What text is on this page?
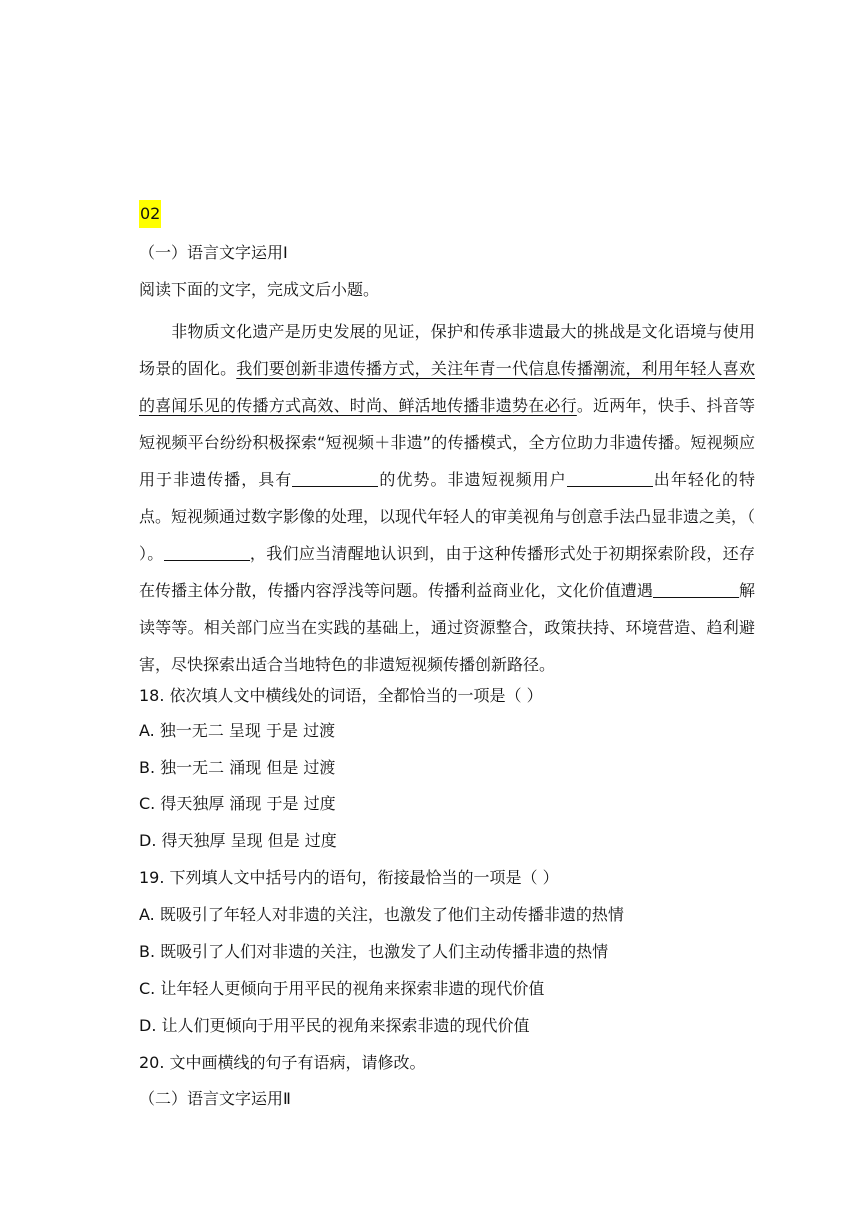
02
（一）语言文字运用Ⅰ
阅读下面的文字，完成文后小题。
非物质文化遗产是历史发展的见证，保护和传承非遗最大的挑战是文化语境与使用场景的固化。我们要创新非遗传播方式，关注年青一代信息传播潮流，利用年轻人喜欢的喜闻乐见的传播方式高效、时尚、鲜活地传播非遗势在必行。近两年，快手、抖音等短视频平台纷纷积极探索“短视频＋非遗”的传播模式，全方位助力非遗传播。短视频应用于非遗传播，具有	的优势。非遗短视频用户	出年轻化的特点。短视频通过数字影像的处理，以现代年轻人的审美视角与创意手法凸显非遗之美，（ ）。	，我们应当清醒地认识到，由于这种传播形式处于初期探索阶段，还存在传播主体分散，传播内容浮浅等问题。传播利益商业化，文化价值遭遇	解读等等。相关部门应当在实践的基础上，通过资源整合，政策扶持、环境营造、趋利避害，尽快探索出适合当地特色的非遗短视频传播创新路径。
18. 依次填人文中横线处的词语，全都恰当的一项是（ ）
A. 独一无二 呈现 于是 过渡
B. 独一无二 涌现 但是 过渡
C. 得天独厚 涌现 于是 过度
D. 得天独厚 呈现 但是 过度
19. 下列填人文中括号内的语句，衔接最恰当的一项是（ ）
A. 既吸引了年轻人对非遗的关注，也激发了他们主动传播非遗的热情
B. 既吸引了人们对非遗的关注，也激发了人们主动传播非遗的热情
C. 让年轻人更倾向于用平民的视角来探索非遗的现代价值
D. 让人们更倾向于用平民的视角来探索非遗的现代价值
20. 文中画横线的句子有语病，请修改。
（二）语言文字运用Ⅱ
